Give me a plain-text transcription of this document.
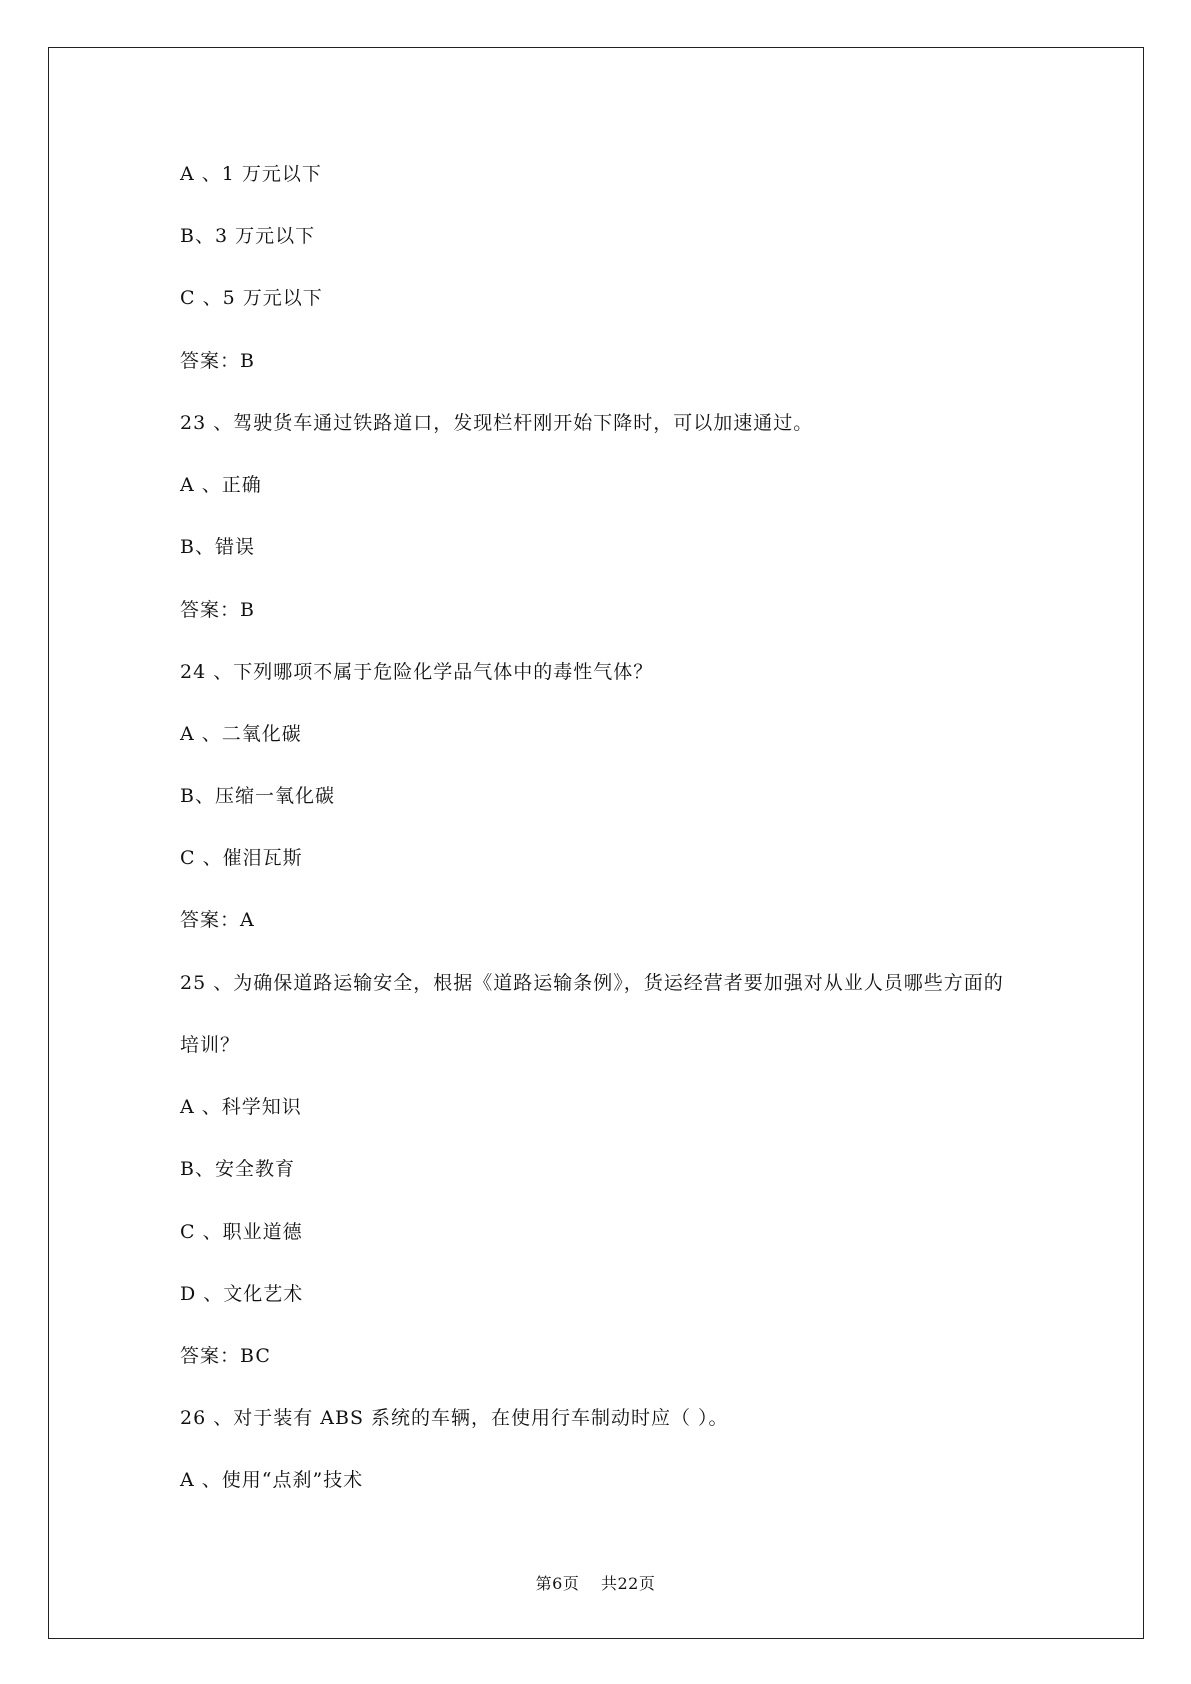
A 、1 万元以下
B、3 万元以下
C 、5 万元以下
答案：B
23 、驾驶货车通过铁路道口，发现栏杆刚开始下降时，可以加速通过。
A 、正确
B、错误
答案：B
24 、下列哪项不属于危险化学品气体中的毒性气体？
A 、二氧化碳
B、压缩一氧化碳
C 、催泪瓦斯
答案：A
25 、为确保道路运输安全，根据《道路运输条例》，货运经营者要加强对从业人员哪些方面的
培训？
A 、科学知识
B、安全教育
C 、职业道德
D 、文化艺术
答案：BC
26 、对于装有 ABS 系统的车辆，在使用行车制动时应（ ）。
A 、使用“点刹”技术
第6页 共22页
